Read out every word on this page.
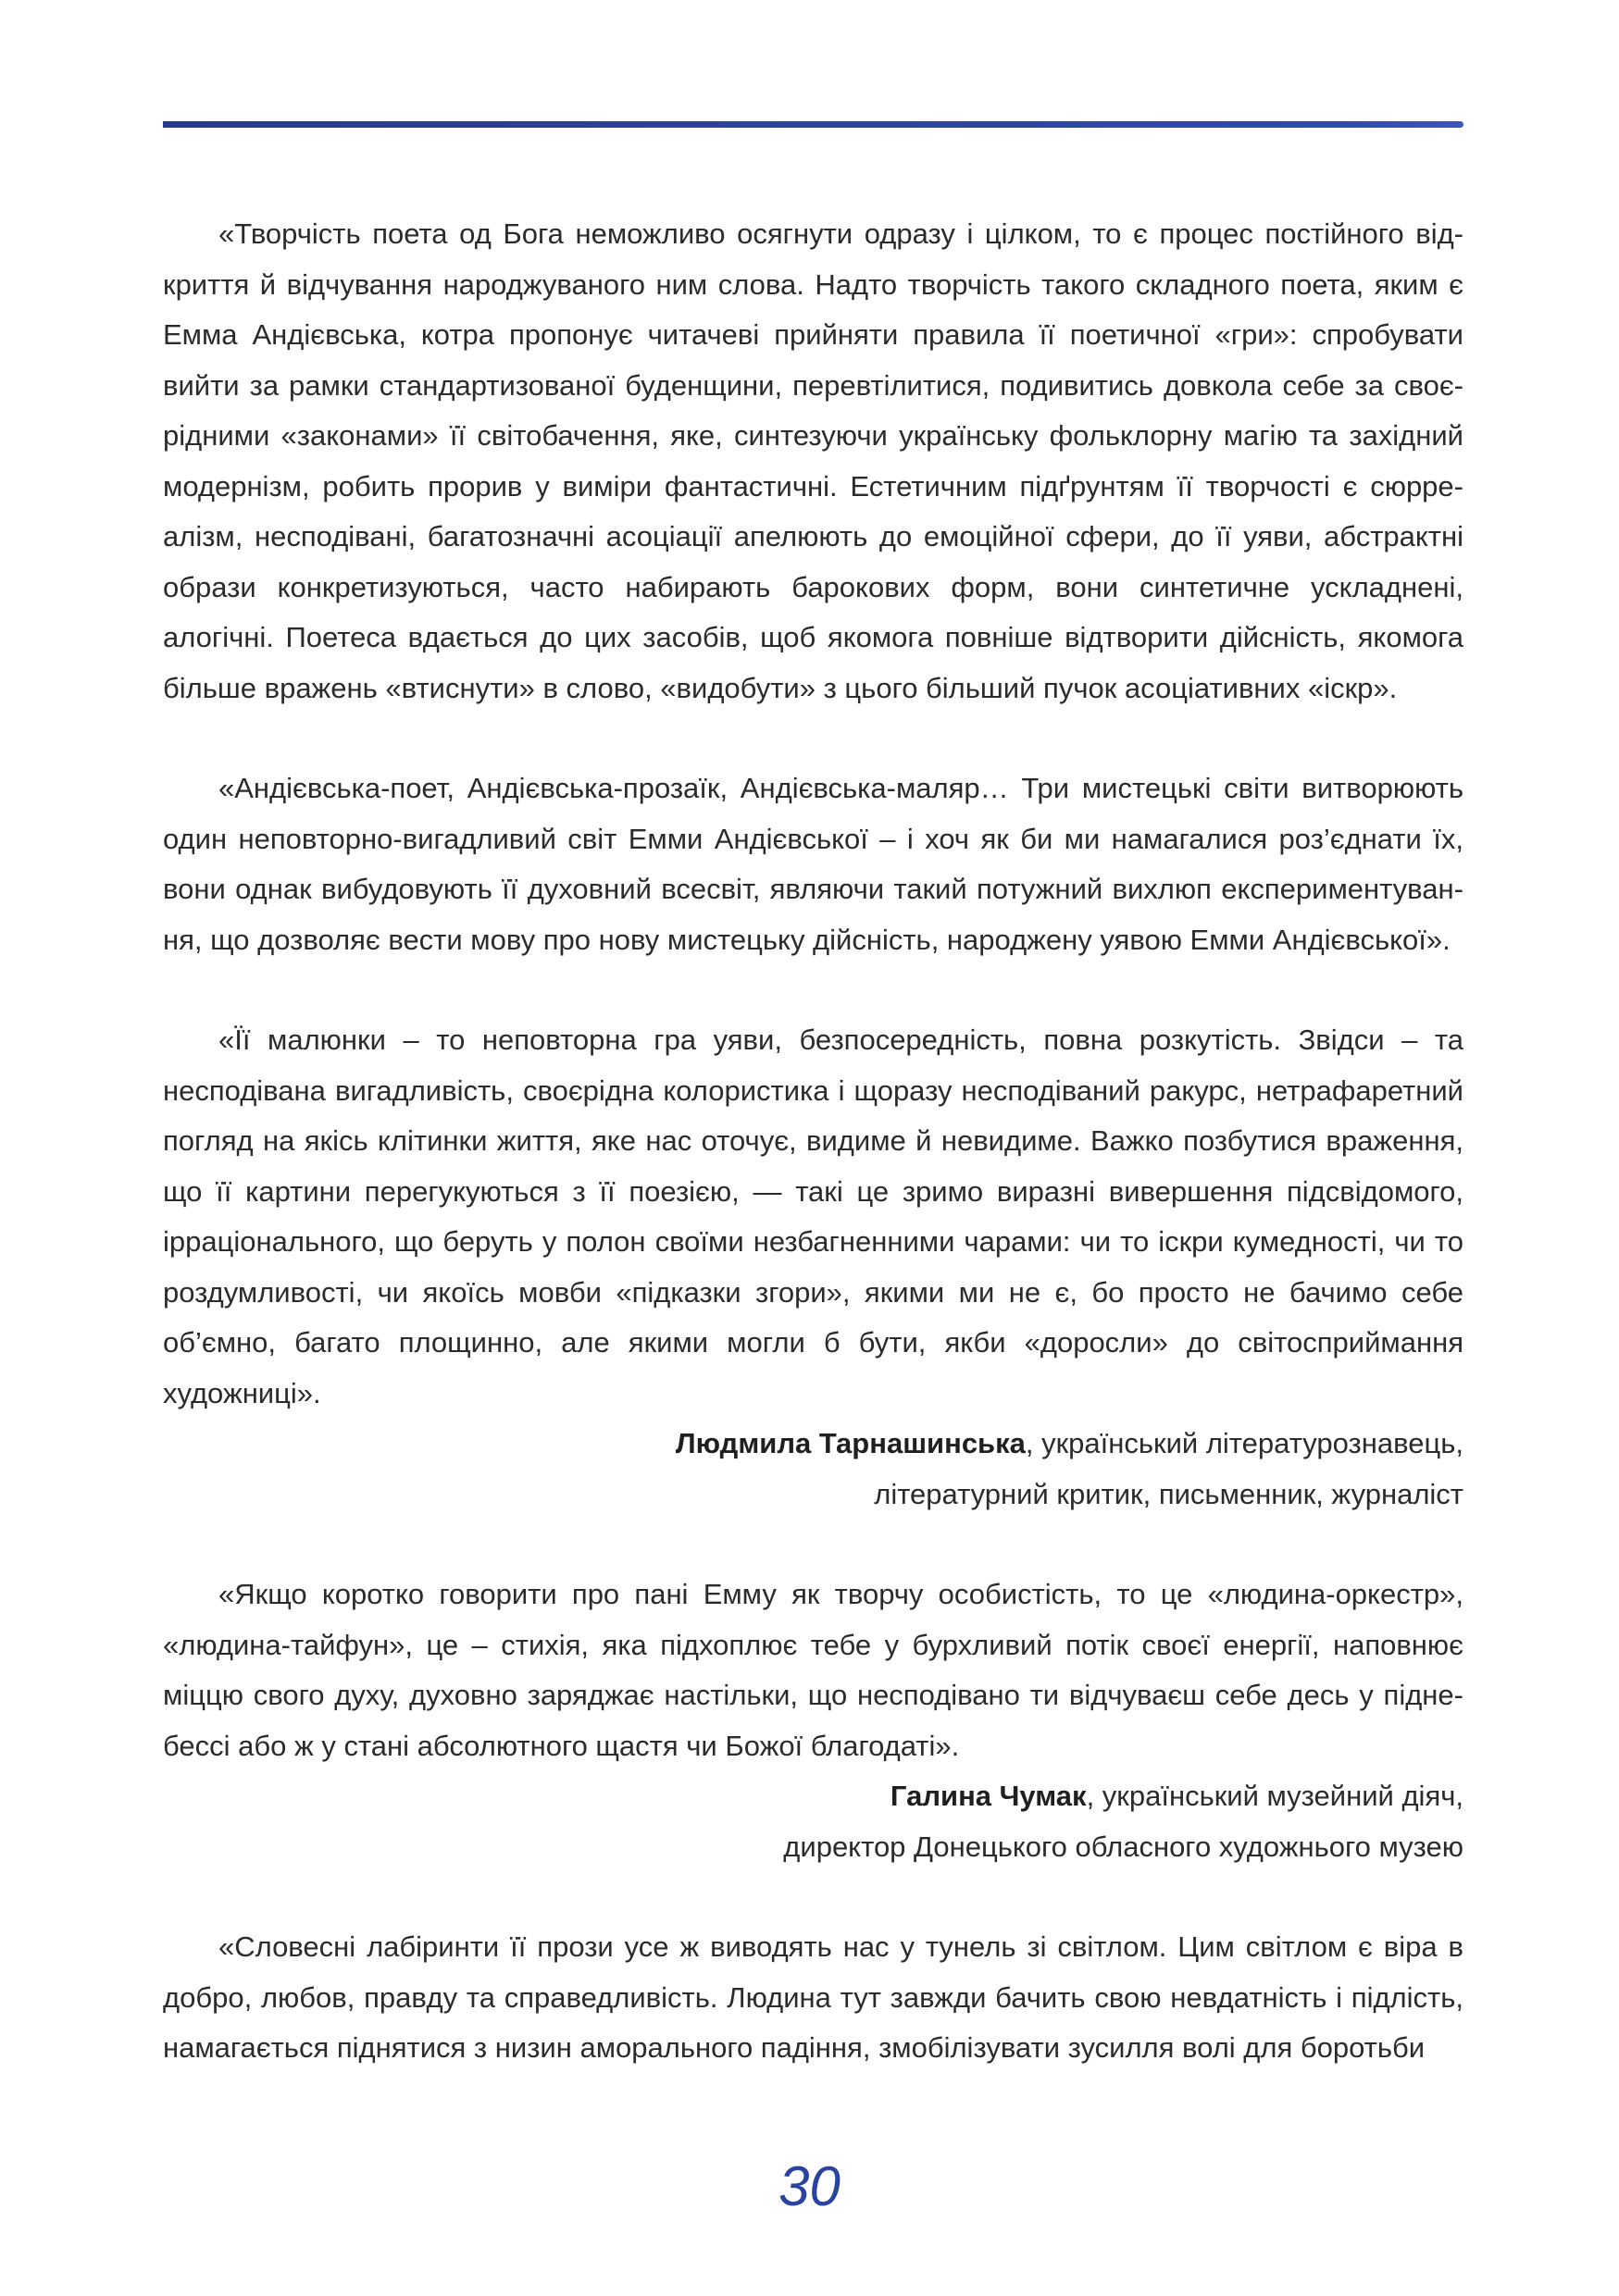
«Творчість поета од Бога неможливо осягнути одразу і цілком, то є процес постійного відкриття й відчування народжуваного ним слова. Надто творчість такого складного поета, яким є Емма Андієвська, котра пропонує читачеві прийняти правила її поетичної «гри»: спробувати вийти за рамки стандартизованої буденщини, перевтілитися, подивитись довкола себе за своєрідними «законами» її світобачення, яке, синтезуючи українську фольклорну магію та західний модернізм, робить прорив у виміри фантастичні. Естетичним підґрунтям її творчості є сюрреалізм, несподівані, багатозначні асоціації апелюють до емоційної сфери, до її уяви, абстрактні образи конкретизуються, часто набирають барокових форм, вони синтетичне ускладнені, алогічні. Поетеса вдається до цих засобів, щоб якомога повніше відтворити дійсність, якомога більше вражень «втиснути» в слово, «видобути» з цього більший пучок асоціативних «іскр».

«Андієвська-поет, Андієвська-прозаїк, Андієвська-маляр… Три мистецькі світи витворюють один неповторно-вигадливий світ Емми Андієвської – і хоч як би ми намагалися роз’єднати їх, вони однак вибудовують її духовний всесвіт, являючи такий потужний вихлюп експериментування, що дозволяє вести мову про нову мистецьку дійсність, народжену уявою Емми Андієвської».

«Її малюнки – то неповторна гра уяви, безпосередність, повна розкутість. Звідси – та несподівана вигадливість, своєрідна колористика і щоразу несподіваний ракурс, нетрафаретний погляд на якісь клітинки життя, яке нас оточує, видиме й невидиме. Важко позбутися враження, що її картини перегукуються з її поезією, — такі це зримо виразні вивершення підсвідомого, ірраціонального, що беруть у полон своїми незбагненними чарами: чи то іскри кумедності, чи то роздумливості, чи якоїсь мовби «підказки згори», якими ми не є, бо просто не бачимо себе об’ємно, багато площинно, але якими могли б бути, якби «доросли» до світосприймання художниці».

Людмила Тарнашинська, український літературознавець,

літературний критик, письменник, журналіст

«Якщо коротко говорити про пані Емму як творчу особистість, то це «людина-оркестр», «людина-тайфун», це – стихія, яка підхоплює тебе у бурхливий потік своєї енергії, наповнює міццю свого духу, духовно заряджає настільки, що несподівано ти відчуваєш себе десь у піднебессі або ж у стані абсолютного щастя чи Божої благодаті».

Галина Чумак, український музейний діяч,

директор Донецького обласного художнього музею

«Словесні лабіринти її прози усе ж виводять нас у тунель зі світлом. Цим світлом є віра в добро, любов, правду та справедливість. Людина тут завжди бачить свою невдатність і підлість, намагається піднятися з низин аморального падіння, змобілізувати зусилля волі для боротьби

30
